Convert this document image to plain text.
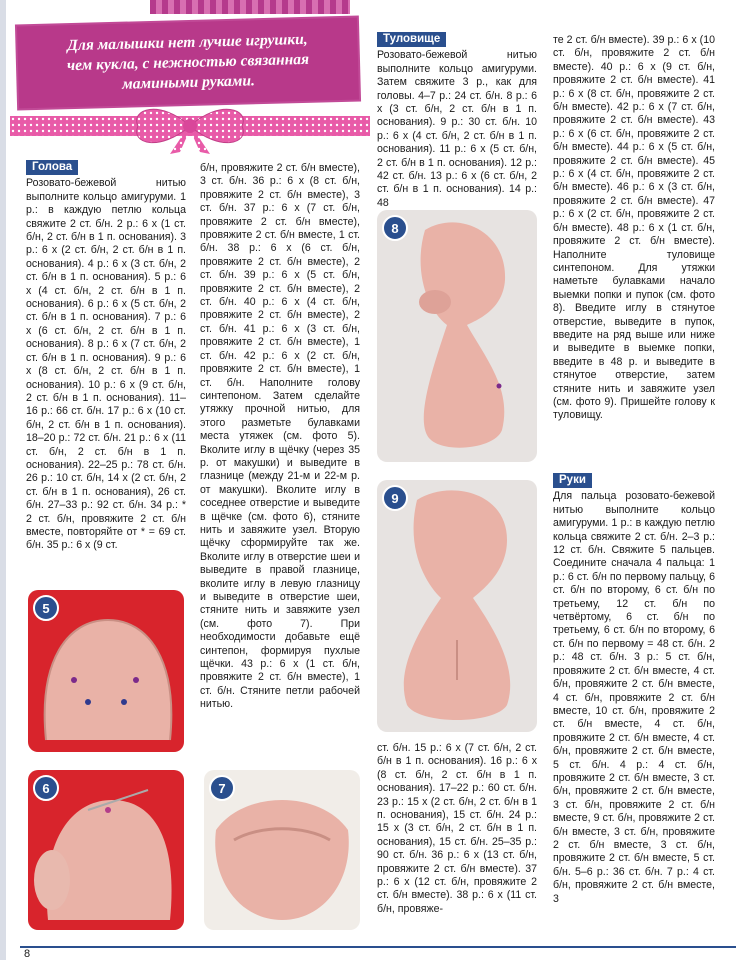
Для малышки нет лучше игрушки,
чем кукла, с нежностью связанная
мамиными руками.
Голова

Розовато-бежевой нитью выполните кольцо амигуруми. 1 р.: в каждую петлю кольца свяжите 2 ст. б/н. 2 р.: 6 х (1 ст. б/н, 2 ст. б/н в 1 п. основания). 3 р.: 6 х (2 ст. б/н, 2 ст. б/н в 1 п. основания). 4 р.: 6 х (3 ст. б/н, 2 ст. б/н в 1 п. основания). 5 р.: 6 х (4 ст. б/н, 2 ст. б/н в 1 п. основания). 6 р.: 6 х (5 ст. б/н, 2 ст. б/н в 1 п. основания). 7 р.: 6 х (6 ст. б/н, 2 ст. б/н в 1 п. основания). 8 р.: 6 х (7 ст. б/н, 2 ст. б/н в 1 п. основания). 9 р.: 6 х (8 ст. б/н, 2 ст. б/н в 1 п. основания). 10 р.: 6 х (9 ст. б/н, 2 ст. б/н в 1 п. основания). 11–16 р.: 66 ст. б/н. 17 р.: 6 х (10 ст. б/н, 2 ст. б/н в 1 п. основания). 18–20 р.: 72 ст. б/н. 21 р.: 6 х (11 ст. б/н, 2 ст. б/н в 1 п. основания). 22–25 р.: 78 ст. б/н. 26 р.: 10 ст. б/н, 14 х (2 ст. б/н, 2 ст. б/н в 1 п. основания), 26 ст. б/н. 27–33 р.: 92 ст. б/н. 34 р.: * 2 ст. б/н, провяжите 2 ст. б/н вместе, повторяйте от * = 69 ст. б/н. 35 р.: 6 х (9 ст.

б/н, провяжите 2 ст. б/н вместе), 3 ст. б/н. 36 р.: 6 х (8 ст. б/н, провяжите 2 ст. б/н вместе), 3 ст. б/н. 37 р.: 6 х (7 ст. б/н, провяжите 2 ст. б/н вместе), провяжите 2 ст. б/н вместе, 1 ст. б/н. 38 р.: 6 х (6 ст. б/н, провяжите 2 ст. б/н вместе), 2 ст. б/н. 39 р.: 6 х (5 ст. б/н, провяжите 2 ст. б/н вместе), 2 ст. б/н. 40 р.: 6 х (4 ст. б/н, провяжите 2 ст. б/н вместе), 2 ст. б/н. 41 р.: 6 х (3 ст. б/н, провяжите 2 ст. б/н вместе), 1 ст. б/н. 42 р.: 6 х (2 ст. б/н, провяжите 2 ст. б/н вместе), 1 ст. б/н. Наполните голову синтепоном. Затем сделайте утяжку прочной нитью, для этого разметьте булавками места утяжек (см. фото 5). Вколите иглу в щёчку (через 35 р. от макушки) и выведите в глазнице (между 21-м и 22-м р. от макушки). Вколите иглу в соседнее отверстие и выведите в щёчке (см. фото 6), стяните нить и завяжите узел. Вторую щёчку сформируйте так же. Вколите иглу в отверстие шеи и выведите в правой глазнице, вколите иглу в левую глазницу и выведите в отверстие шеи, стяните нить и завяжите узел (см. фото 7). При необходимости добавьте ещё синтепон, формируя пухлые щёчки. 43 р.: 6 х (1 ст. б/н, провяжите 2 ст. б/н вместе), 1 ст. б/н. Стяните петли рабочей нитью.

Туловище

Розовато-бежевой нитью выполните кольцо амигуруми. Затем свяжите 3 р., как для головы. 4–7 р.: 24 ст. б/н. 8 р.: 6 х (3 ст. б/н, 2 ст. б/н в 1 п. основания). 9 р.: 30 ст. б/н. 10 р.: 6 х (4 ст. б/н, 2 ст. б/н в 1 п. основания). 11 р.: 6 х (5 ст. б/н, 2 ст. б/н в 1 п. основания). 12 р.: 42 ст. б/н. 13 р.: 6 х (6 ст. б/н, 2 ст. б/н в 1 п. основания). 14 р.: 48

ст. б/н. 15 р.: 6 х (7 ст. б/н, 2 ст. б/н в 1 п. основания). 16 р.: 6 х (8 ст. б/н, 2 ст. б/н в 1 п. основания). 17–22 р.: 60 ст. б/н. 23 р.: 15 х (2 ст. б/н, 2 ст. б/н в 1 п. основания), 15 ст. б/н. 24 р.: 15 х (3 ст. б/н, 2 ст. б/н в 1 п. основания), 15 ст. б/н. 25–35 р.: 90 ст. б/н. 36 р.: 6 х (13 ст. б/н, провяжите 2 ст. б/н вместе). 37 р.: 6 х (12 ст. б/н, провяжите 2 ст. б/н вместе). 38 р.: 6 х (11 ст. б/н, провяже-

те 2 ст. б/н вместе). 39 р.: 6 х (10 ст. б/н, провяжите 2 ст. б/н вместе). 40 р.: 6 х (9 ст. б/н, провяжите 2 ст. б/н вместе). 41 р.: 6 х (8 ст. б/н, провяжите 2 ст. б/н вместе). 42 р.: 6 х (7 ст. б/н, провяжите 2 ст. б/н вместе). 43 р.: 6 х (6 ст. б/н, провяжите 2 ст. б/н вместе). 44 р.: 6 х (5 ст. б/н, провяжите 2 ст. б/н вместе). 45 р.: 6 х (4 ст. б/н, провяжите 2 ст. б/н вместе). 46 р.: 6 х (3 ст. б/н, провяжите 2 ст. б/н вместе). 47 р.: 6 х (2 ст. б/н, провяжите 2 ст. б/н вместе). 48 р.: 6 х (1 ст. б/н, провяжите 2 ст. б/н вместе). Наполните туловище синтепоном. Для утяжки наметьте булавками начало выемки попки и пупок (см. фото 8). Введите иглу в стянутое отверстие, выведите в пупок, введите на ряд выше или ниже и выведите в выемке попки, введите в 48 р. и выведите в стянутое отверстие, затем стяните нить и завяжите узел (см. фото 9). Пришейте голову к туловищу.

Руки

Для пальца розовато-бежевой нитью выполните кольцо амигуруми. 1 р.: в каждую петлю кольца свяжите 2 ст. б/н. 2–3 р.: 12 ст. б/н. Свяжите 5 пальцев. Соедините сначала 4 пальца: 1 р.: 6 ст. б/н по первому пальцу, 6 ст. б/н по второму, 6 ст. б/н по третьему, 12 ст. б/н по четвёртому, 6 ст. б/н по третьему, 6 ст. б/н по второму, 6 ст. б/н по первому = 48 ст. б/н. 2 р.: 48 ст. б/н. 3 р.: 5 ст. б/н, провяжите 2 ст. б/н вместе, 4 ст. б/н, провяжите 2 ст. б/н вместе, 4 ст. б/н, провяжите 2 ст. б/н вместе, 10 ст. б/н, провяжите 2 ст. б/н вместе, 4 ст. б/н, провяжите 2 ст. б/н вместе, 4 ст. б/н, провяжите 2 ст. б/н вместе, 5 ст. б/н. 4 р.: 4 ст. б/н, провяжите 2 ст. б/н вместе, 3 ст. б/н, провяжите 2 ст. б/н вместе, 3 ст. б/н, провяжите 2 ст. б/н вместе, 9 ст. б/н, провяжите 2 ст. б/н вместе, 3 ст. б/н, провяжите 2 ст. б/н вместе, 3 ст. б/н, провяжите 2 ст. б/н вместе, 5 ст. б/н. 5–6 р.: 36 ст. б/н. 7 р.: 4 ст. б/н, провяжите 2 ст. б/н вместе, 3

5
6	7
8
9
8
